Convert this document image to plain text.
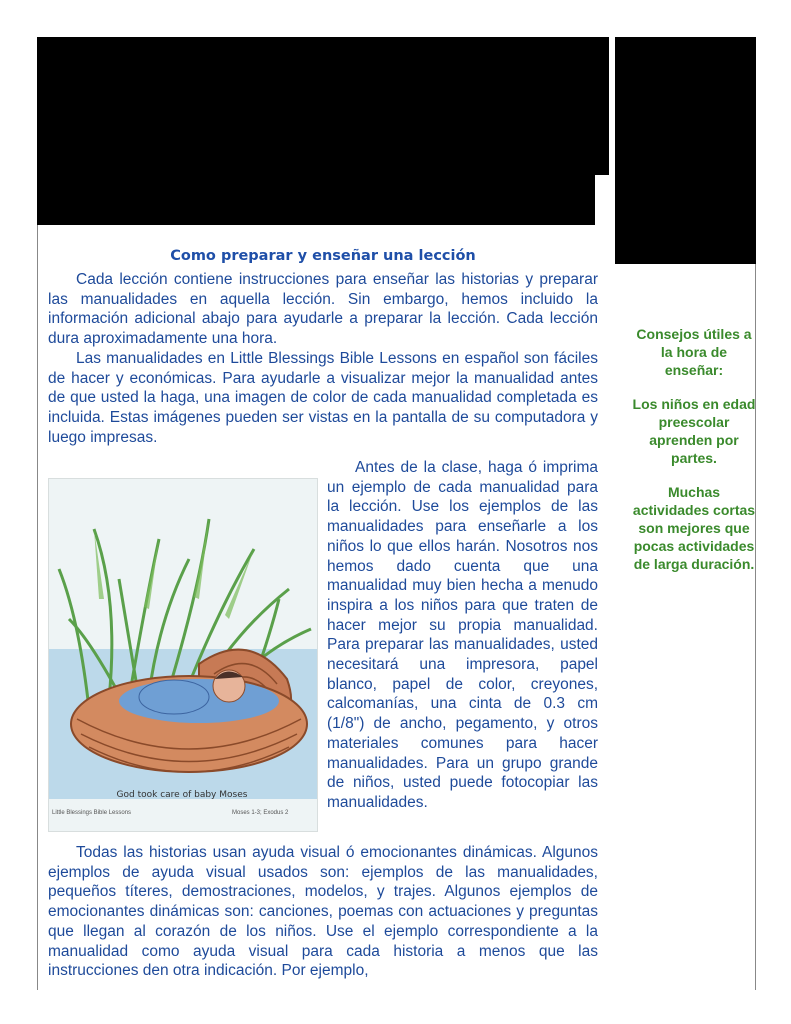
Como preparar y enseñar una lección

Cada lección contiene instrucciones para enseñar las historias y preparar las manualidades en aquella lección. Sin embargo, hemos incluido la información adicional abajo para ayudarle a preparar la lección. Cada lección dura aproximadamente una hora.

Las manualidades en Little Blessings Bible Lessons en español son fáciles de hacer y económicas. Para ayudarle a visualizar mejor la manualidad antes de que usted la haga, una imagen de color de cada manualidad completada es incluida. Estas imágenes pueden ser vistas en la pantalla de su computadora y luego impresas.

God took care of baby Moses
Little Blessings Bible Lessons	Moses 1-3; Exodus 2

Antes de la clase, haga ó imprima un ejemplo de cada manualidad para la lección. Use los ejemplos de las manualidades para enseñarle a los niños lo que ellos harán. Nosotros nos hemos dado cuenta que una manualidad muy bien hecha a menudo inspira a los niños para que traten de hacer mejor su propia manualidad. Para preparar las manualidades, usted necesitará una impresora, papel blanco, papel de color, creyones, calcomanías, una cinta de 0.3 cm (1/8") de ancho, pegamento, y otros materiales comunes para hacer manualidades. Para un grupo grande de niños, usted puede fotocopiar las manualidades.

Todas las historias usan ayuda visual ó emocionantes dinámicas. Algunos ejemplos de ayuda visual usados son: ejemplos de las manualidades, pequeños títeres, demostraciones, modelos, y trajes. Algunos ejemplos de emocionantes dinámicas son: canciones, poemas con actuaciones y preguntas que llegan al corazón de los niños. Use el ejemplo correspondiente a la manualidad como ayuda visual para cada historia a menos que las instrucciones den otra indicación. Por ejemplo,

Consejos útiles a la hora de enseñar:

Los niños en edad preescolar aprenden por partes.

Muchas actividades cortas son mejores que pocas actividades de larga duración.
